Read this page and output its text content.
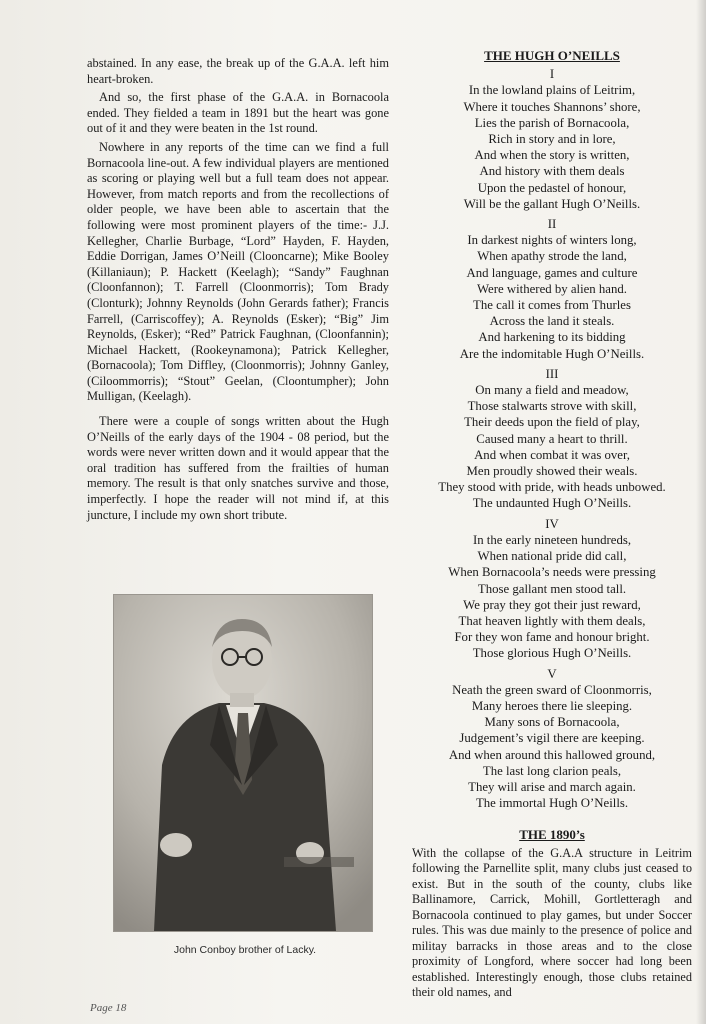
abstained. In any ease, the break up of the G.A.A. left him heart-broken.

And so, the first phase of the G.A.A. in Bornacoola ended. They fielded a team in 1891 but the heart was gone out of it and they were beaten in the 1st round.

Nowhere in any reports of the time can we find a full Bornacoola line-out. A few individual players are mentioned as scoring or playing well but a full team does not appear. However, from match reports and from the recollections of older people, we have been able to ascertain that the following were most prominent players of the time:- J.J. Kellegher, Charlie Burbage, “Lord” Hayden, F. Hayden, Eddie Dorrigan, James O’Neill (Clooncarne); Mike Booley (Killaniaun); P. Hackett (Keelagh); “Sandy” Faughnan (Cloonfannon); T. Farrell (Cloonmorris); Tom Brady (Clonturk); Johnny Reynolds (John Gerards father); Francis Farrell, (Carriscoffey); A. Reynolds (Esker); “Big” Jim Reynolds, (Esker); “Red” Patrick Faughnan, (Cloonfannin); Michael Hackett, (Rookeynamona); Patrick Kellegher, (Bornacoola); Tom Diffley, (Cloonmorris); Johnny Ganley, (Ciloommorris); “Stout” Geelan, (Cloontumpher); John Mulligan, (Keelagh).

There were a couple of songs written about the Hugh O’Neills of the early days of the 1904 - 08 period, but the words were never written down and it would appear that the oral tradition has suffered from the frailties of human memory. The result is that only snatches survive and those, imperfectly. I hope the reader will not mind if, at this juncture, I include my own short tribute.

John Conboy brother of Lacky.
THE HUGH O’NEILLS
I
In the lowland plains of Leitrim,
Where it touches Shannons’ shore,
Lies the parish of Bornacoola,
Rich in story and in lore,
And when the story is written,
And history with them deals
Upon the pedastel of honour,
Will be the gallant Hugh O’Neills.
II
In darkest nights of winters long,
When apathy strode the land,
And language, games and culture
Were withered by alien hand.
The call it comes from Thurles
Across the land it steals.
And harkening to its bidding
Are the indomitable Hugh O’Neills.
III
On many a field and meadow,
Those stalwarts strove with skill,
Their deeds upon the field of play,
Caused many a heart to thrill.
And when combat it was over,
Men proudly showed their weals.
They stood with pride, with heads unbowed.
The undaunted Hugh O’Neills.
IV
In the early nineteen hundreds,
When national pride did call,
When Bornacoola’s needs were pressing
Those gallant men stood tall.
We pray they got their just reward,
That heaven lightly with them deals,
For they won fame and honour bright.
Those glorious Hugh O’Neills.
V
Neath the green sward of Cloonmorris,
Many heroes there lie sleeping.
Many sons of Bornacoola,
Judgement’s vigil there are keeping.
And when around this hallowed ground,
The last long clarion peals,
They will arise and march again.
The immortal Hugh O’Neills.
THE 1890’s
With the collapse of the G.A.A structure in Leitrim following the Parnellite split, many clubs just ceased to exist. But in the south of the county, clubs like Ballinamore, Carrick, Mohill, Gortletteragh and Bornacoola continued to play games, but under Soccer rules. This was due mainly to the presence of police and militay barracks in those areas and to the close proximity of Longford, where soccer had long been established. Interestingly enough, those clubs retained their old names, and
Page 18
